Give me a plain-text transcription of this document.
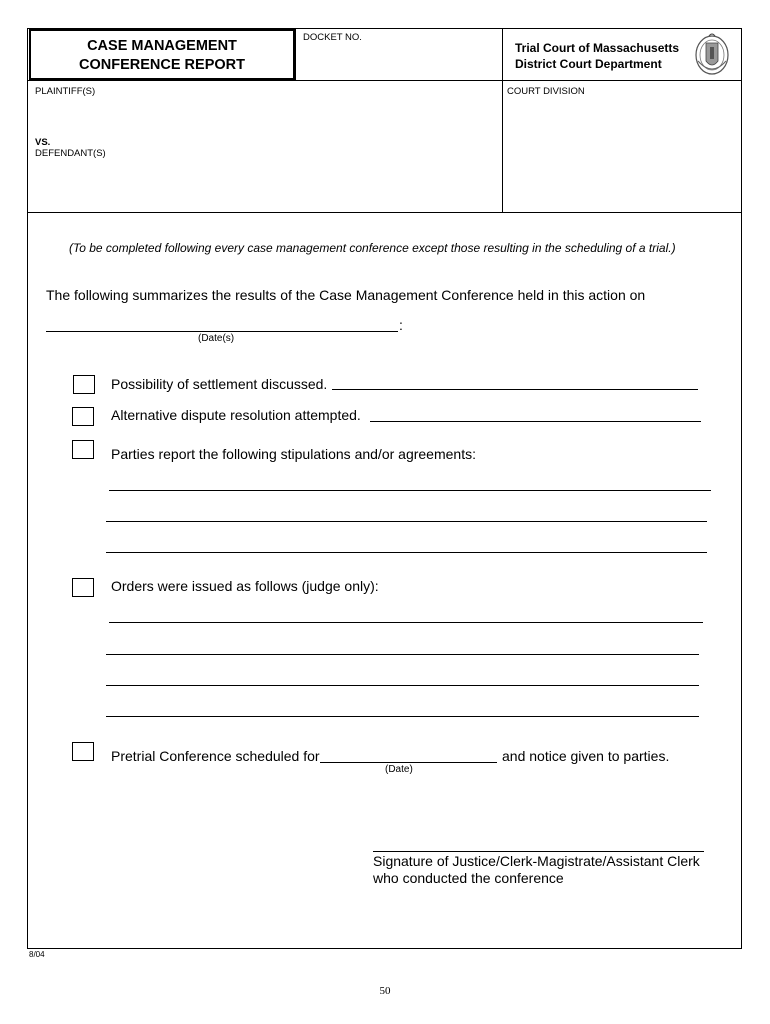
CASE MANAGEMENT
CONFERENCE REPORT
DOCKET NO.
Trial Court of Massachusetts
District Court Department
PLAINTIFF(S)
VS.
DEFENDANT(S)
COURT DIVISION
(To be completed following every case management conference except those resulting in the scheduling of a trial.)
The following summarizes the results of the Case Management Conference held in this action on
:
(Date(s)
Possibility of settlement discussed.
Alternative dispute resolution attempted.
Parties report the following stipulations and/or agreements:
Orders were issued as follows (judge only):
Pretrial Conference scheduled for	and notice given to parties.
(Date)
Signature of Justice/Clerk-Magistrate/Assistant Clerk
who conducted the conference
8/04
50
